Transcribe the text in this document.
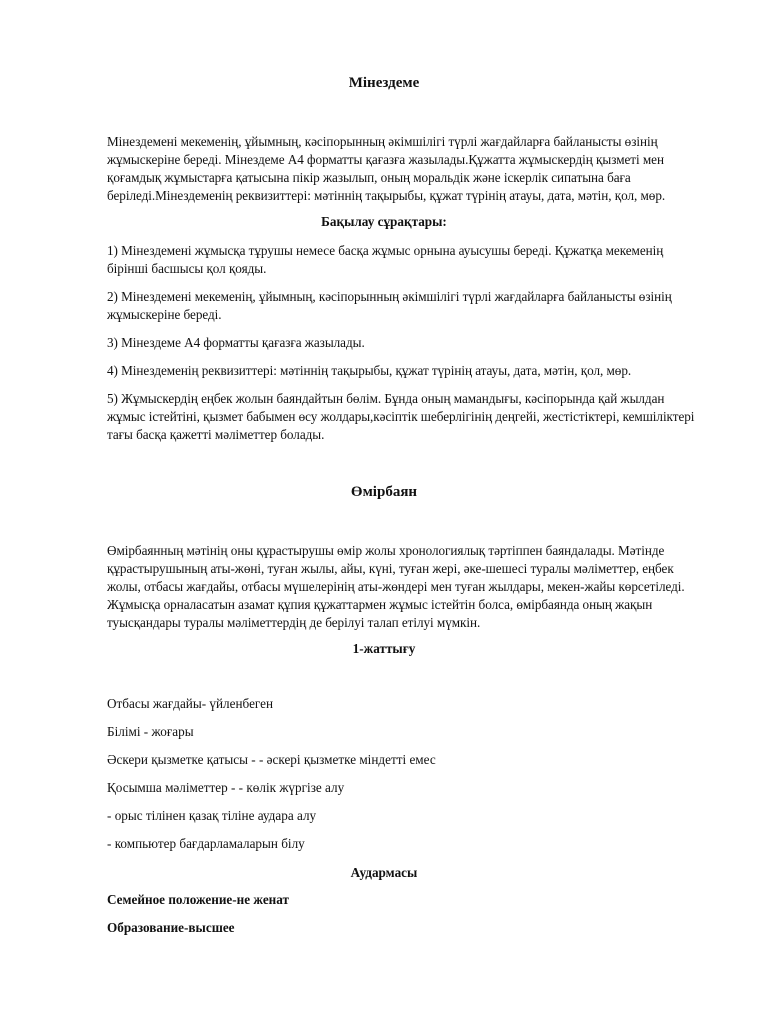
Мінездеме

Мінездемені мекеменің, ұйымның, кәсіпорынның әкімшілігі түрлі жағдайларға байланысты өзінің жұмыскеріне береді. Мінездеме А4 форматты қағазға жазылады.Құжатта жұмыскердің қызметі мен қоғамдық жұмыстарға қатысына пікір жазылып, оның моральдік және іскерлік сипатына баға беріледі.Мінездеменің реквизиттері: мәтіннің тақырыбы, құжат түрінің атауы, дата, мәтін, қол, мөр.

Бақылау сұрақтары:

1) Мінездемені жұмысқа тұрушы немесе басқа жұмыс орнына ауысушы береді. Құжатқа мекеменің бірінші басшысы қол қояды.

2) Мінездемені мекеменің, ұйымның, кәсіпорынның әкімшілігі түрлі жағдайларға байланысты өзінің жұмыскеріне береді.

3) Мінездеме А4 форматты қағазға жазылады.

4) Мінездеменің реквизиттері: мәтіннің тақырыбы, құжат түрінің атауы, дата, мәтін, қол, мөр.

5) Жұмыскердің еңбек жолын баяндайтын бөлім. Бұнда оның мамандығы, кәсіпорында қай жылдан жұмыс істейтіні, қызмет бабымен өсу жолдары,кәсіптік шеберлігінің деңгейі, жестістіктері, кемшіліктері тағы басқа қажетті мәліметтер болады.

Өмірбаян

Өмірбаянның мәтінің оны құрастырушы өмір жолы хронологиялық тәртіппен баяндалады. Мәтінде құрастырушының аты-жөні, туған жылы, айы, күні, туған жері, әке-шешесі туралы мәліметтер, еңбек жолы, отбасы жағдайы, отбасы мүшелерінің аты-жөндері мен туған жылдары, мекен-жайы көрсетіледі. Жұмысқа орналасатын азамат құпия құжаттармен жұмыс істейтін болса, өмірбаянда оның жақын туысқандары туралы мәліметтердің де берілуі талап етілуі мүмкін.

1-жаттығу

Отбасы жағдайы- үйленбеген

Білімі - жоғары

Әскери қызметке қатысы - - әскері қызметке міндетті емес

Қосымша мәліметтер - - көлік жүргізе алу

- орыс тілінен қазақ тіліне аудара алу

- компьютер бағдарламаларын білу

Аудармасы

Семейное положение-не женат

Образование-высшее
